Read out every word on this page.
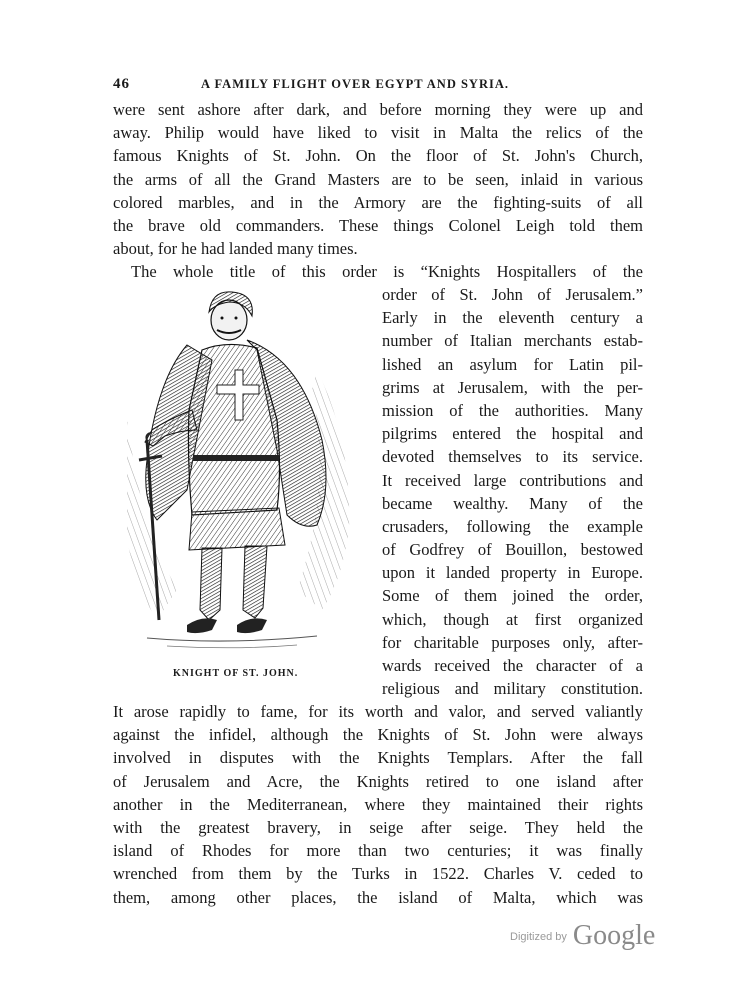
46	A FAMILY FLIGHT OVER EGYPT AND SYRIA.
were sent ashore after dark, and before morning they were up and
away. Philip would have liked to visit in Malta the relics of the
famous Knights of St. John. On the floor of St. John's Church,
the arms of all the Grand Masters are to be seen, inlaid in various
colored marbles, and in the Armory are the fighting-suits of all
the brave old commanders. These things Colonel Leigh told them
about, for he had landed many times.
The whole title of this order is “Knights Hospitallers of the
order of St. John of Jerusalem.”
Early in the eleventh century a
number of Italian merchants estab-
lished an asylum for Latin pil-
grims at Jerusalem, with the per-
mission of the authorities. Many
pilgrims entered the hospital and
devoted themselves to its service.
It received large contributions and
became wealthy. Many of the
crusaders, following the example
of Godfrey of Bouillon, bestowed
upon it landed property in Europe.
Some of them joined the order,
which, though at first organized
for charitable purposes only, after-
wards received the character of a
religious and military constitution.
KNIGHT OF ST. JOHN.
It arose rapidly to fame, for its worth and valor, and served valiantly
against the infidel, although the Knights of St. John were always
involved in disputes with the Knights Templars. After the fall
of Jerusalem and Acre, the Knights retired to one island after
another in the Mediterranean, where they maintained their rights
with the greatest bravery, in seige after seige. They held the
island of Rhodes for more than two centuries; it was finally
wrenched from them by the Turks in 1522. Charles V. ceded to
them, among other places, the island of Malta, which was
$^{Digitized by}$ Google
